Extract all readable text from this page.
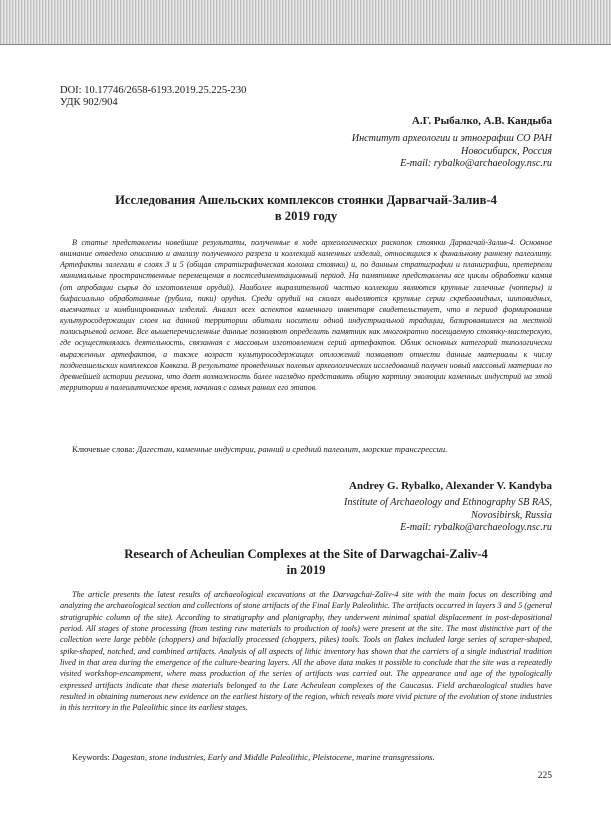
DOI: 10.17746/2658-6193.2019.25.225-230
УДК 902/904
А.Г. Рыбалко, А.В. Кандыба
Институт археологии и этнографии СО РАН
Новосибирск, Россия
E-mail: rybalko@archaeology.nsc.ru
Исследования Ашельских комплексов стоянки Дарвагчай-Залив-4
в 2019 году
В статье представлены новейшие результаты, полученные в ходе археологических раскопок стоянки Дарвагчай-Залив-4. Основное внимание отведено описанию и анализу полученного разреза и коллекций каменных изделий, относящихся к финальному раннему палеолиту. Артефакты залегали в слоях 3 и 5 (общая стратиграфическая колонка стоянки) и, по данным стратиграфии и планиграфии, претерпели минимальные пространственные перемещения в постседиментационный период. На памятнике представлены все циклы обработки камня (от апробации сырья до изготовления орудий). Наиболее выразительной частью коллекции являются крупные галечные (чопперы) и бифасиально обработанные (рубила, пики) орудия. Среди орудий на сколах выделяются крупные серии скребловидных, шиповидных, выемчатых и комбинированных изделий. Анализ всех аспектов каменного инвентаря свидетельствует, что в период формирования культуросодержащих слоев на данной территории обитали носители одной индустриальной традиции, базировавшиеся на местной полисырьевой основе. Все вышеперечисленные данные позволяют определить памятник как многократно посещаемую стоянку-мастерскую, где осуществлялась деятельность, связанная с массовым изготовлением серий артефактов. Облик основных категорий типологически выраженных артефактов, а также возраст культуросодержащих отложений позволяют отнести данные материалы к числу позднеашельских комплексов Кавказа. В результате проведенных полевых археологических исследований получен новый массовый материал по древнейшей истории региона, что дает возможность более наглядно представить общую картину эволюции каменных индустрий на этой территории в палеолитическое время, начиная с самых ранних его этапов.
Ключевые слова: Дагестан, каменные индустрии, ранний и средний палеолит, морские трансгрессии.
Andrey G. Rybalko, Alexander V. Kandyba
Institute of Archaeology and Ethnography SB RAS,
Novosibirsk, Russia
E-mail: rybalko@archaeology.nsc.ru
Research of Acheulian Complexes at the Site of Darwagchai-Zaliv-4
in 2019
The article presents the latest results of archaeological excavations at the Darvagchai-Zaliv-4 site with the main focus on describing and analyzing the archaeological section and collections of stone artifacts of the Final Early Paleolithic. The artifacts occurred in layers 3 and 5 (general stratigraphic column of the site). According to stratigraphy and planigraphy, they underwent minimal spatial displacement in post-depositional period. All stages of stone processing (from testing raw materials to production of tools) were present at the site. The most distinctive part of the collection were large pebble (choppers) and bifacially processed (choppers, pikes) tools. Tools on flakes included large series of scraper-shaped, spike-shaped, notched, and combined artifacts. Analysis of all aspects of lithic inventory has shown that the carriers of a single industrial tradition lived in that area during the emergence of the culture-bearing layers. All the above data makes it possible to conclude that the site was a repeatedly visited workshop-encampment, where mass production of the series of artifacts was carried out. The appearance and age of the typologically expressed artifacts indicate that these materials belonged to the Late Acheulean complexes of the Caucasus. Field archaeological studies have resulted in obtaining numerous new evidence on the earliest history of the region, which reveals more vivid picture of the evolution of stone industries in this territory in the Paleolithic since its earliest stages.
Keywords: Dagestan, stone industries, Early and Middle Paleolithic, Pleistocene, marine transgressions.
225
